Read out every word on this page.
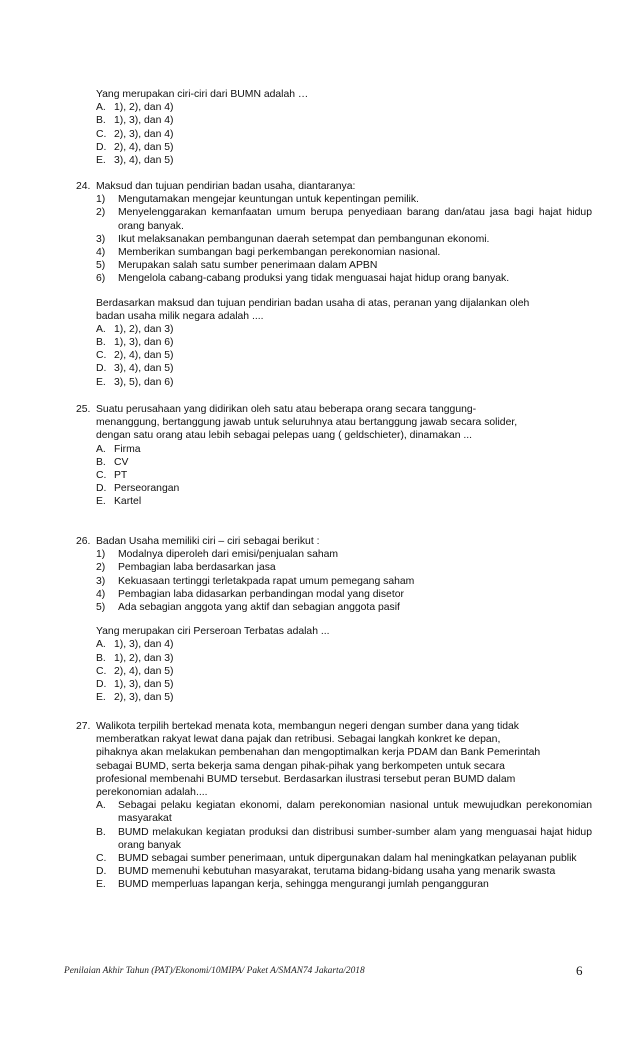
Yang merupakan ciri-ciri dari BUMN adalah …
A. 1), 2), dan 4)
B. 1), 3), dan 4)
C. 2), 3), dan 4)
D. 2), 4), dan 5)
E. 3), 4), dan 5)
24. Maksud dan tujuan pendirian badan usaha, diantaranya:
1) Mengutamakan mengejar keuntungan untuk kepentingan pemilik.
2) Menyelenggarakan kemanfaatan umum berupa penyediaan barang dan/atau jasa bagi hajat hidup orang banyak.
3) Ikut melaksanakan pembangunan daerah setempat dan pembangunan ekonomi.
4) Memberikan sumbangan bagi perkembangan perekonomian nasional.
5) Merupakan salah satu sumber penerimaan dalam APBN
6) Mengelola cabang-cabang produksi yang tidak menguasai hajat hidup orang banyak.
Berdasarkan maksud dan tujuan pendirian badan usaha di atas, peranan yang dijalankan oleh
badan usaha milik negara adalah ....
A. 1), 2), dan 3)
B. 1), 3), dan 6)
C. 2), 4), dan 5)
D. 3), 4), dan 5)
E. 3), 5), dan 6)
25. Suatu perusahaan yang didirikan oleh satu atau beberapa orang secara tanggung-
menanggung, bertanggung jawab untuk seluruhnya atau bertanggung jawab secara solider,
dengan satu orang atau lebih sebagai pelepas uang ( geldschieter), dinamakan ...
A. Firma
B. CV
C. PT
D. Perseorangan
E. Kartel
26. Badan Usaha memiliki ciri – ciri sebagai berikut :
1) Modalnya diperoleh dari emisi/penjualan saham
2) Pembagian laba berdasarkan jasa
3) Kekuasaan tertinggi terletakpada rapat umum pemegang saham
4) Pembagian laba didasarkan perbandingan modal yang disetor
5) Ada sebagian anggota yang aktif dan sebagian anggota pasif
Yang merupakan ciri Perseroan Terbatas adalah ...
A. 1), 3), dan 4)
B. 1), 2), dan 3)
C. 2), 4), dan 5)
D. 1), 3), dan 5)
E. 2), 3), dan 5)
27. Walikota terpilih bertekad menata kota, membangun negeri dengan sumber dana yang tidak
memberatkan rakyat lewat dana pajak dan retribusi. Sebagai langkah konkret ke depan,
pihaknya akan melakukan pembenahan dan mengoptimalkan kerja PDAM dan Bank Pemerintah
sebagai BUMD, serta bekerja sama dengan pihak-pihak yang berkompeten untuk secara
profesional membenahi BUMD tersebut. Berdasarkan ilustrasi tersebut peran BUMD dalam
perekonomian adalah....
A. Sebagai pelaku kegiatan ekonomi, dalam perekonomian nasional untuk mewujudkan perekonomian masyarakat
B. BUMD melakukan kegiatan produksi dan distribusi sumber-sumber alam yang menguasai hajat hidup orang banyak
C. BUMD sebagai sumber penerimaan, untuk dipergunakan dalam hal meningkatkan pelayanan publik
D. BUMD memenuhi kebutuhan masyarakat, terutama bidang-bidang usaha yang menarik swasta
E. BUMD memperluas lapangan kerja, sehingga mengurangi jumlah pengangguran
Penilaian Akhir Tahun (PAT)/Ekonomi/10MIPA/ Paket A/SMAN74 Jakarta/2018	6
